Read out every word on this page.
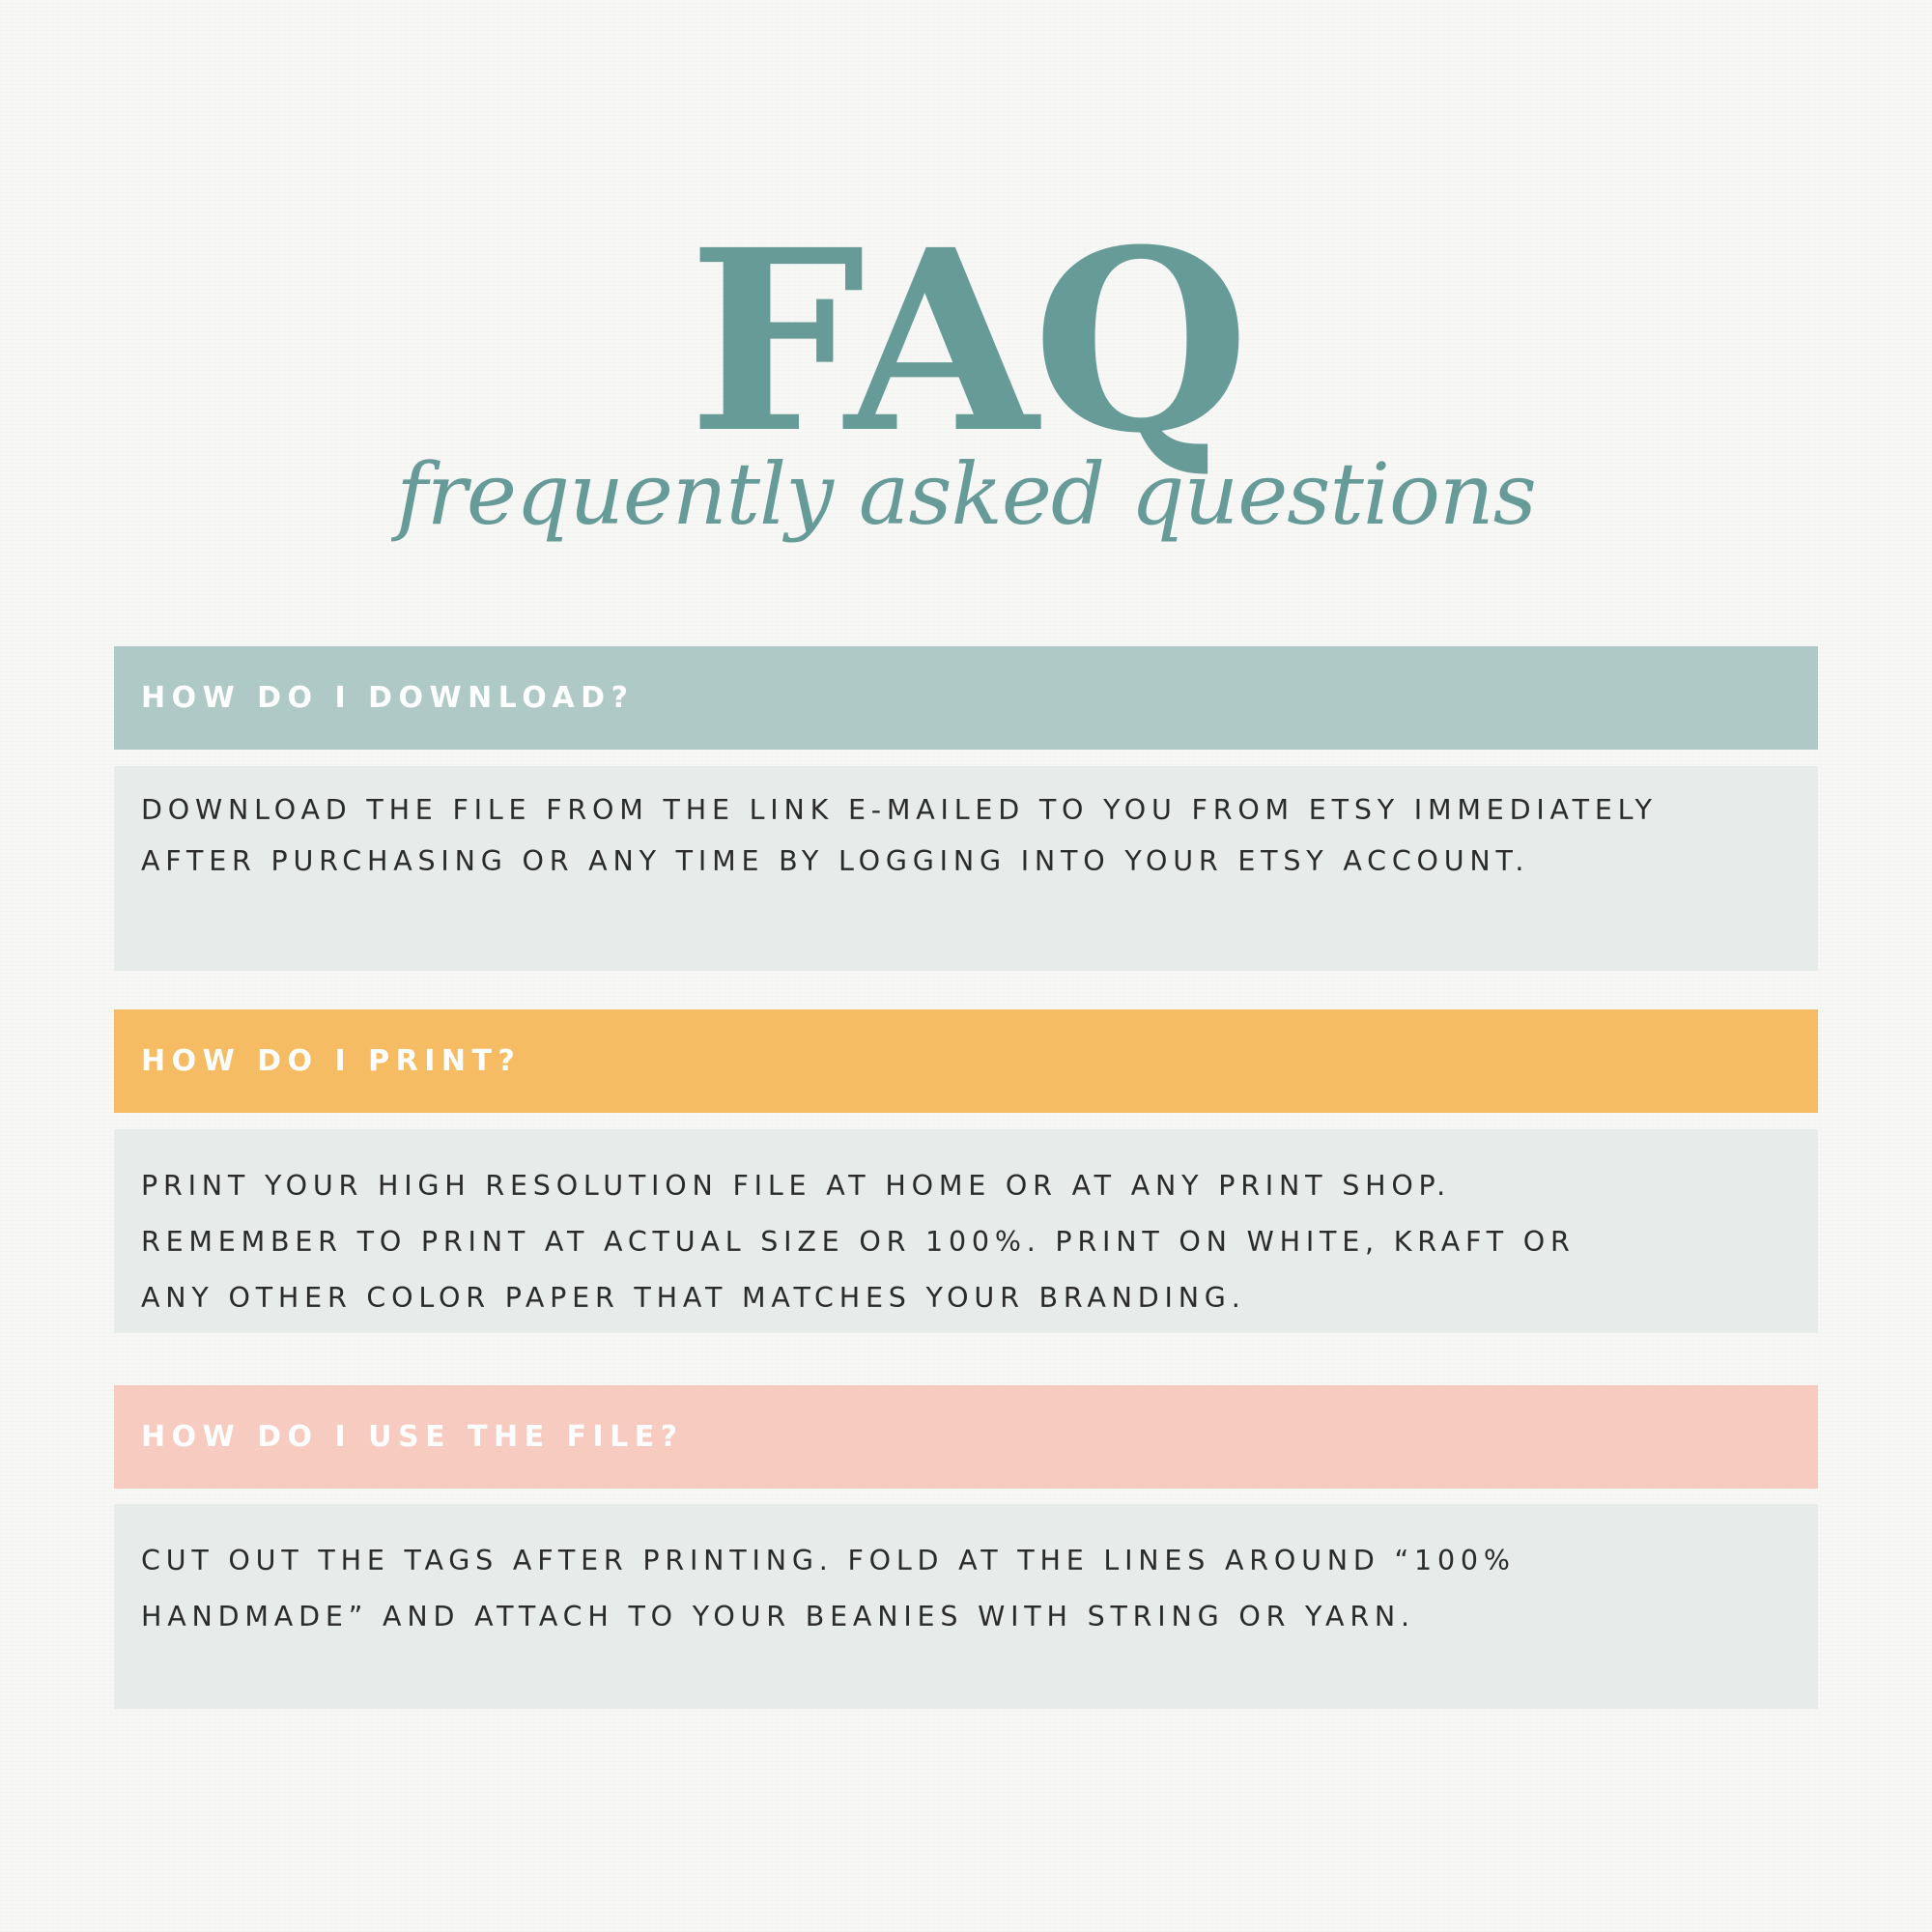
FAQ
frequently asked questions
HOW DO I DOWNLOAD?
DOWNLOAD THE FILE FROM THE LINK E-MAILED TO YOU FROM ETSY IMMEDIATELY
AFTER PURCHASING OR ANY TIME BY LOGGING INTO YOUR ETSY ACCOUNT.
HOW DO I PRINT?
PRINT YOUR HIGH RESOLUTION FILE AT HOME OR AT ANY PRINT SHOP.
REMEMBER TO PRINT AT ACTUAL SIZE OR 100%. PRINT ON WHITE, KRAFT OR
ANY OTHER COLOR PAPER THAT MATCHES YOUR BRANDING.
HOW DO I USE THE FILE?
CUT OUT THE TAGS AFTER PRINTING. FOLD AT THE LINES AROUND “100%
HANDMADE” AND ATTACH TO YOUR BEANIES WITH STRING OR YARN.
